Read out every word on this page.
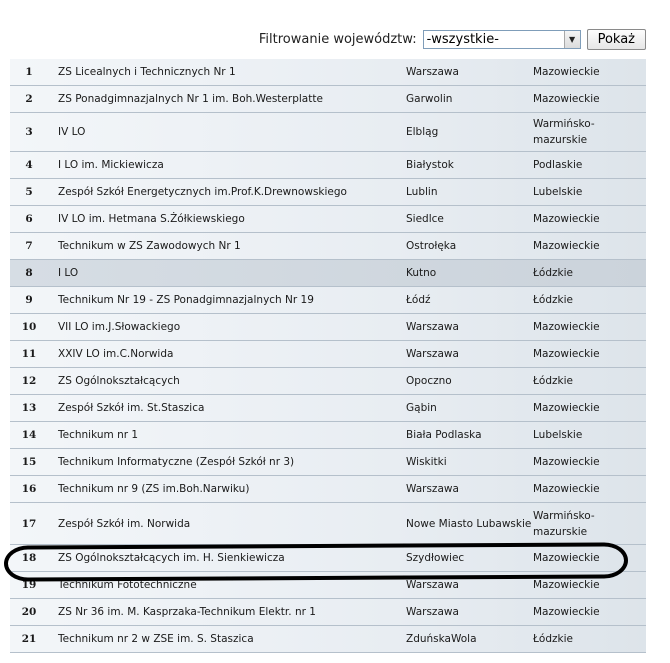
Filtrowanie województw: -wszystkie-	▼	Pokaż
1	ZS Licealnych i Technicznych Nr 1	Warszawa	Mazowieckie
2	ZS Ponadgimnazjalnych Nr 1 im. Boh.Westerplatte	Garwolin	Mazowieckie
3	IV LO	Elbląg	Warmińsko-mazurskie
4	I LO im. Mickiewicza	Białystok	Podlaskie
5	Zespół Szkół Energetycznych im.Prof.K.Drewnowskiego	Lublin	Lubelskie
6	IV LO im. Hetmana S.Żółkiewskiego	Siedlce	Mazowieckie
7	Technikum w ZS Zawodowych Nr 1	Ostrołęka	Mazowieckie
8	I LO	Kutno	Łódzkie
9	Technikum Nr 19 - ZS Ponadgimnazjalnych Nr 19	Łódź	Łódzkie
10	VII LO im.J.Słowackiego	Warszawa	Mazowieckie
11	XXIV LO im.C.Norwida	Warszawa	Mazowieckie
12	ZS Ogólnokształcących	Opoczno	Łódzkie
13	Zespół Szkół im. St.Staszica	Gąbin	Mazowieckie
14	Technikum nr 1	Biała Podlaska	Lubelskie
15	Technikum Informatyczne (Zespół Szkół nr 3)	Wiskitki	Mazowieckie
16	Technikum nr 9 (ZS im.Boh.Narwiku)	Warszawa	Mazowieckie
17	Zespół Szkół im. Norwida	Nowe Miasto Lubawskie	Warmińsko-mazurskie
18	ZS Ogólnokształcących im. H. Sienkiewicza	Szydłowiec	Mazowieckie
19	Technikum Fototechniczne	Warszawa	Mazowieckie
20	ZS Nr 36 im. M. Kasprzaka-Technikum Elektr. nr 1	Warszawa	Mazowieckie
21	Technikum nr 2 w ZSE im. S. Staszica	ZduńskaWola	Łódzkie
